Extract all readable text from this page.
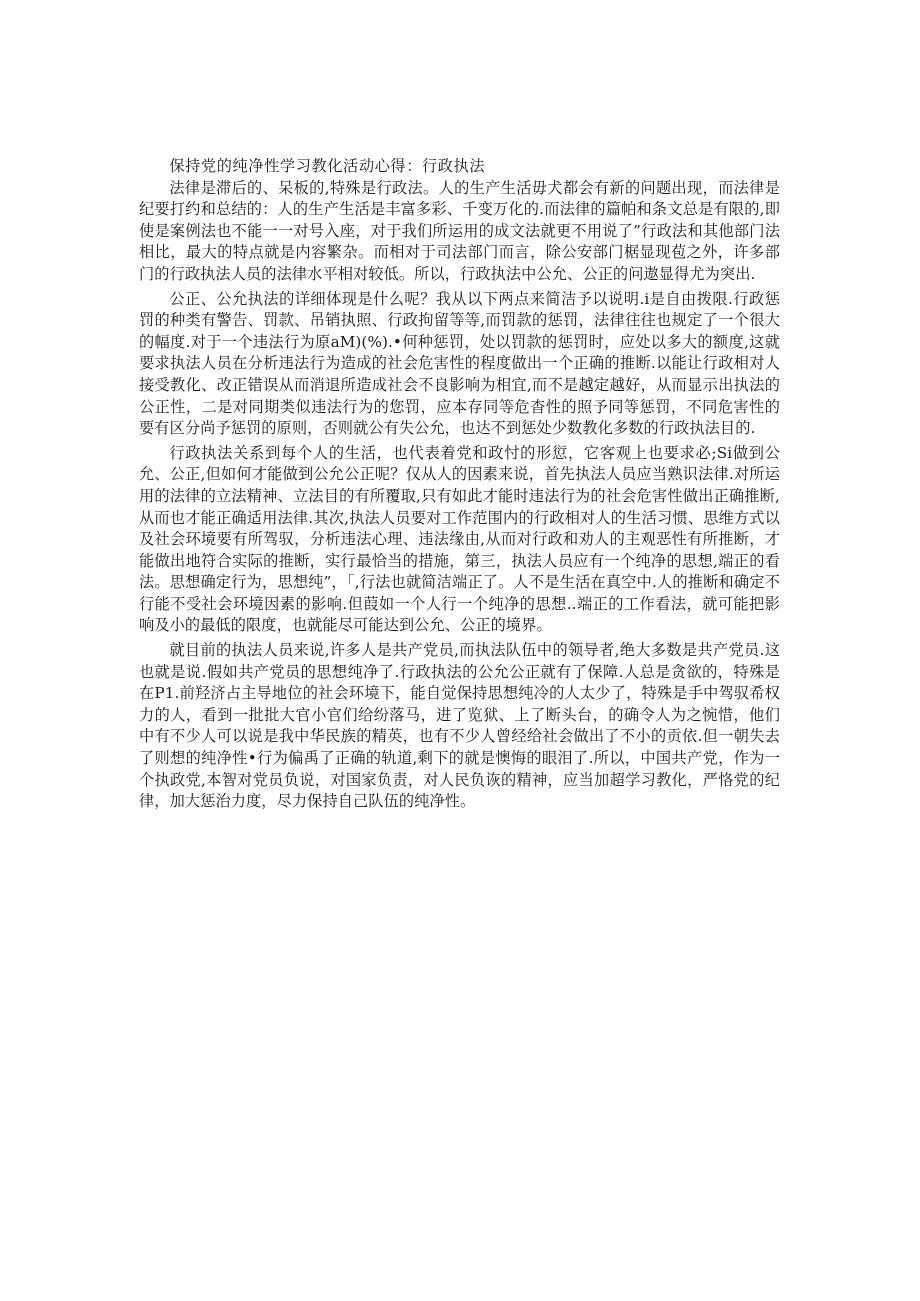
保持党的纯净性学习教化活动心得：行政执法

法律是滞后的、呆板的,特殊是行政法。人的生产生活毋犬都会有新的问题出现，而法律是纪要打约和总结的：人的生产生活是丰富多彩、千变万化的.而法律的篇帕和条文总是有限的,即使是案例法也不能一一对号入座，对于我们所运用的成文法就更不用说了”行政法和其他部门法相比，最大的特点就是内容繁杂。而相对于司法部门而言，除公安部门椐显现苞之外，许多部门的行政执法人员的法律水平相对较低。所以，行政执法中公允、公正的问遨显得尤为突出.

公正、公允执法的详细体现是什么呢？我从以下两点来简洁予以说明.i是自由拨限.行政惩罚的种类有警告、罚款、吊销执照、行政拘留等等,而罚款的惩罚，法律往往也规定了一个很大的幅度.对于一个违法行为原aM)(%).•何种惩罚，处以罚款的惩罚时，应处以多大的额度,这就要求执法人员在分析违法行为造成的社会危害性的程度做出一个正确的推断.以能让行政相对人接受教化、改正错误从而消退所造成社会不良影响为相宜,而不是越定越好，从而显示出执法的公正性，二是对同期类似违法行为的您罚，应本存同等危杳性的照予同等惩罚，不同危害性的要有区分尚予惩罚的原则，否则就公有失公允，也达不到惩处少数教化多数的行政执法目的.

行政执法关系到每个人的生活，也代表着党和政忖的形愆，它客观上也要求必;Si做到公允、公正,但如何才能做到公允公正呢？仅从人的因素来说，首先执法人员应当熟识法律.对所运用的法律的立法精神、立法目的有所覆取,只有如此才能时违法行为的社会危害性做出正确推断,从而也才能正确适用法律.其次,执法人员要对工作范围内的行政相对人的生活习惯、思维方式以及社会环境要有所驾驭，分析违法心理、违法缘由,从而对行政和劝人的主观恶性有所推断，才能做出地符合实际的推断，实行最恰当的措施，第三，执法人员应有一个纯净的思想,端正的看法。思想确定行为，思想纯”，「,行法也就简洁端正了。人不是生活在真空中.人的推断和确定不行能不受社会环境因素的影响.但葭如一个人行一个纯净的思想..端正的工作看法，就可能把影响及小的最低的限度，也就能尽可能达到公允、公正的境界。

就目前的执法人员来说,许多人是共产党员,而执法队伍中的领导者,绝大多数是共产党员.这也就是说.假如共产党员的思想纯净了.行政执法的公允公正就有了保障.人总是贪欲的，特殊是在P1.前羟济占主导地位的社会环境下，能自觉保持思想纯冷的人太少了，特殊是手中驾驭希权力的人，看到一批批大官小官们给纷落马，进了览狱、上了断头台，的确令人为之惋惜，他们中有不少人可以说是我中华民族的精英，也有不少人曾经给社会做出了不小的贡依.但一朝失去了则想的纯净性•行为偏禹了正确的轨道,剩下的就是懊悔的眼泪了.所以，中国共产党，作为一个执政党,本智对党员负说，对国家负责，对人民负诙的精神，应当加超学习教化，严恪党的纪律，加大惩治力度，尽力保持自己队伍的纯净性。
